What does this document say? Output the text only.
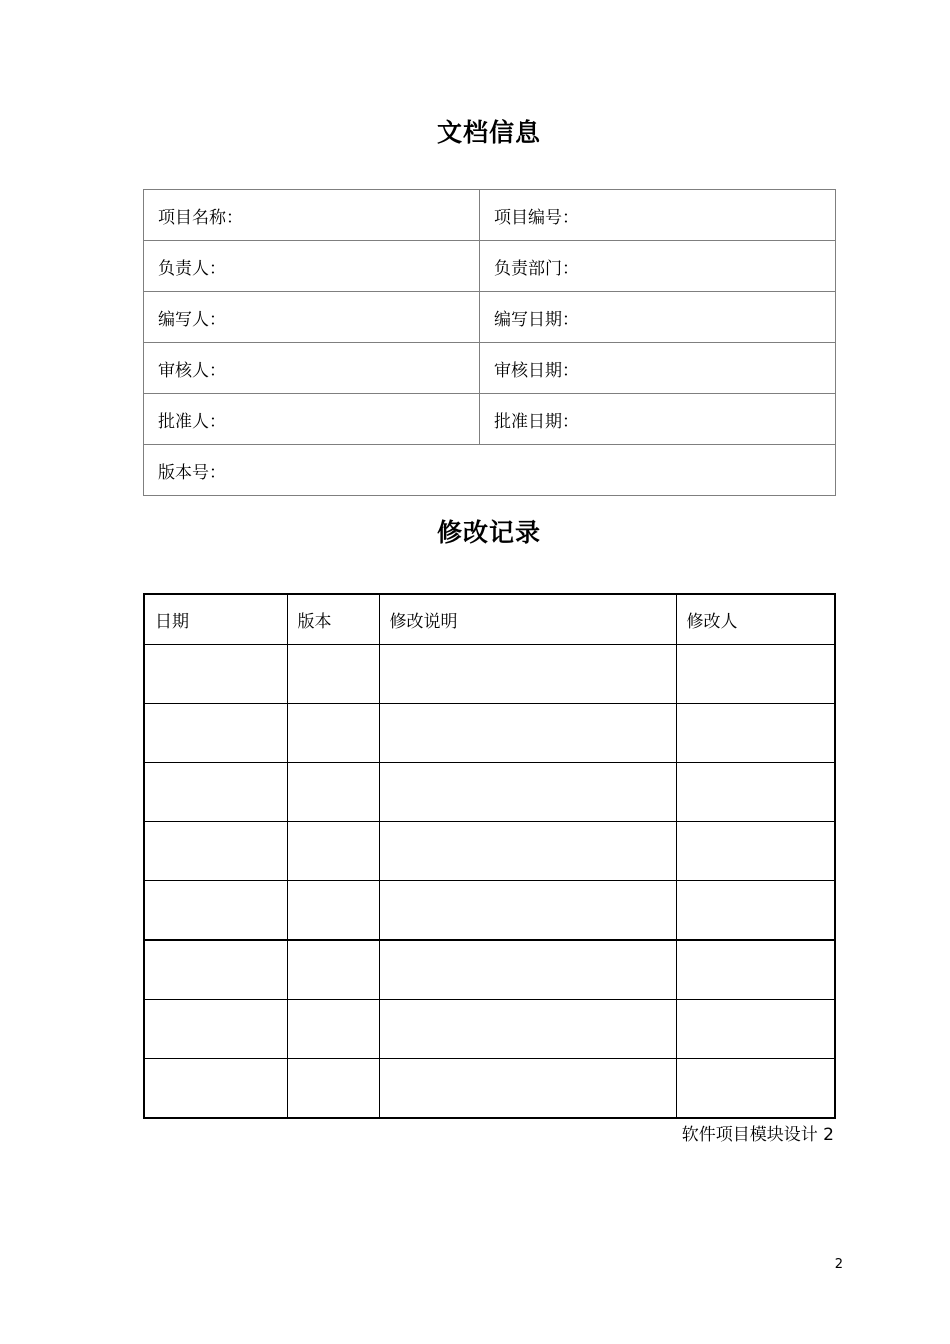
文档信息
项目名称：	项目编号：
负责人：	负责部门：
编写人：	编写日期：
审核人：	审核日期：
批准人：	批准日期：
版本号：	
修改记录
日期	版本	修改说明	修改人

软件项目模块设计 2
2
